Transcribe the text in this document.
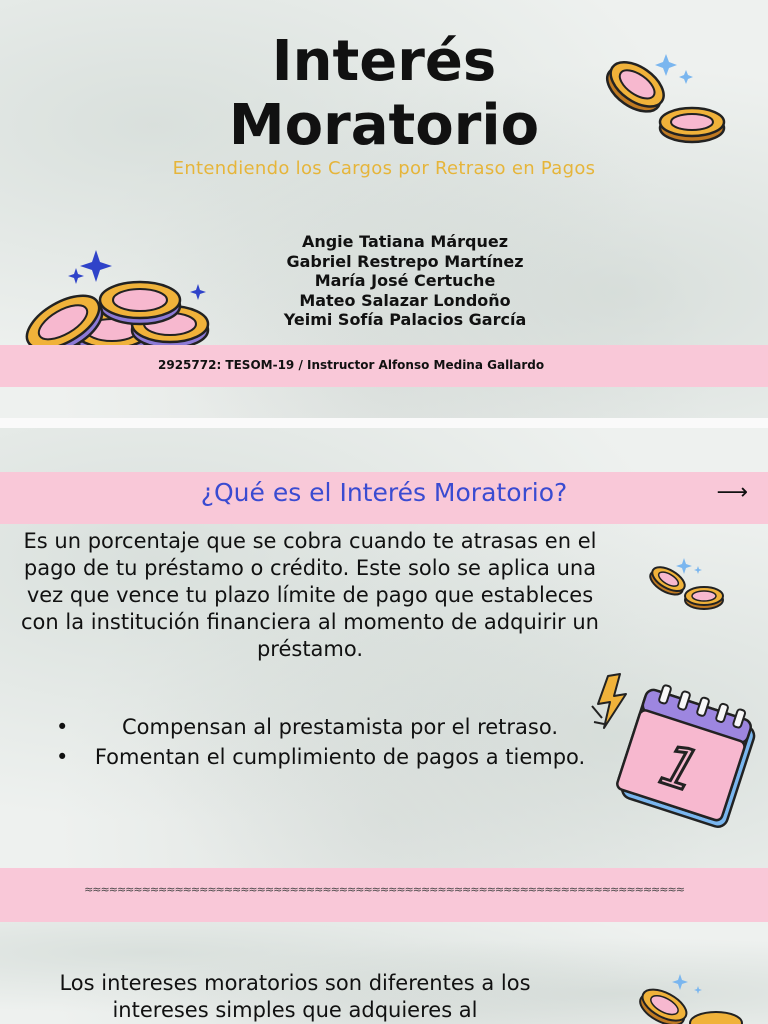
Interés
Moratorio
Entendiendo los Cargos por Retraso en Pagos
Angie Tatiana Márquez
Gabriel Restrepo Martínez
María José Certuche
Mateo Salazar Londoño
Yeimi Sofía Palacios García
2925772: TESOM-19 / Instructor Alfonso Medina Gallardo
¿Qué es el Interés Moratorio?	⟶
Es un porcentaje que se cobra cuando te atrasas en el pago de tu préstamo o crédito. Este solo se aplica una vez que vence tu plazo límite de pago que estableces con la institución financiera al momento de adquirir un préstamo.
• Compensan al prestamista por el retraso.
• Fomentan el cumplimiento de pagos a tiempo. 1
≈≈≈≈≈≈≈≈≈≈≈≈≈≈≈≈≈≈≈≈≈≈≈≈≈≈≈≈≈≈≈≈≈≈≈≈≈≈≈≈≈≈≈≈≈≈≈≈≈≈≈≈≈≈≈≈≈≈≈≈≈≈≈≈≈≈≈≈≈≈≈≈≈
Los intereses moratorios son diferentes a los intereses simples que adquieres al
